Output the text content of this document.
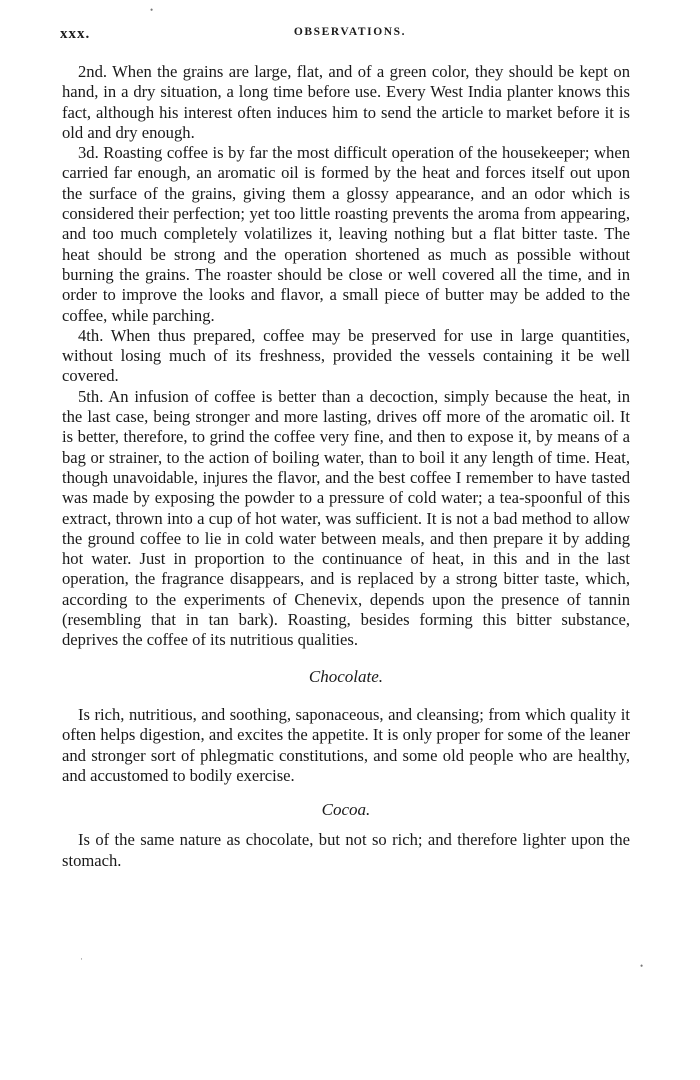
xxx.	OBSERVATIONS.

2nd. When the grains are large, flat, and of a green color, they should be kept on hand, in a dry situation, a long time before use. Every West India planter knows this fact, although his interest often induces him to send the article to market before it is old and dry enough.

3d. Roasting coffee is by far the most difficult operation of the housekeeper; when carried far enough, an aromatic oil is formed by the heat and forces itself out upon the surface of the grains, giving them a glossy appearance, and an odor which is considered their perfection; yet too little roasting prevents the aroma from appearing, and too much completely volatilizes it, leaving nothing but a flat bitter taste. The heat should be strong and the operation shortened as much as possible without burning the grains. The roaster should be close or well covered all the time, and in order to improve the looks and flavor, a small piece of butter may be added to the coffee, while parching.

4th. When thus prepared, coffee may be preserved for use in large quantities, without losing much of its freshness, provided the vessels containing it be well covered.

5th. An infusion of coffee is better than a decoction, simply because the heat, in the last case, being stronger and more lasting, drives off more of the aromatic oil. It is better, therefore, to grind the coffee very fine, and then to expose it, by means of a bag or strainer, to the action of boiling water, than to boil it any length of time. Heat, though unavoidable, injures the flavor, and the best coffee I remember to have tasted was made by exposing the powder to a pressure of cold water; a tea-spoonful of this extract, thrown into a cup of hot water, was sufficient. It is not a bad method to allow the ground coffee to lie in cold water between meals, and then prepare it by adding hot water. Just in proportion to the continuance of heat, in this and in the last operation, the fragrance disappears, and is replaced by a strong bitter taste, which, according to the experiments of Chenevix, depends upon the presence of tannin (resembling that in tan bark). Roasting, besides forming this bitter substance, deprives the coffee of its nutritious qualities.

Chocolate.

Is rich, nutritious, and soothing, saponaceous, and cleansing; from which quality it often helps digestion, and excites the appetite. It is only proper for some of the leaner and stronger sort of phlegmatic constitutions, and some old people who are healthy, and accustomed to bodily exercise.

Cocoa.

Is of the same nature as chocolate, but not so rich; and therefore lighter upon the stomach.

•
•
·
